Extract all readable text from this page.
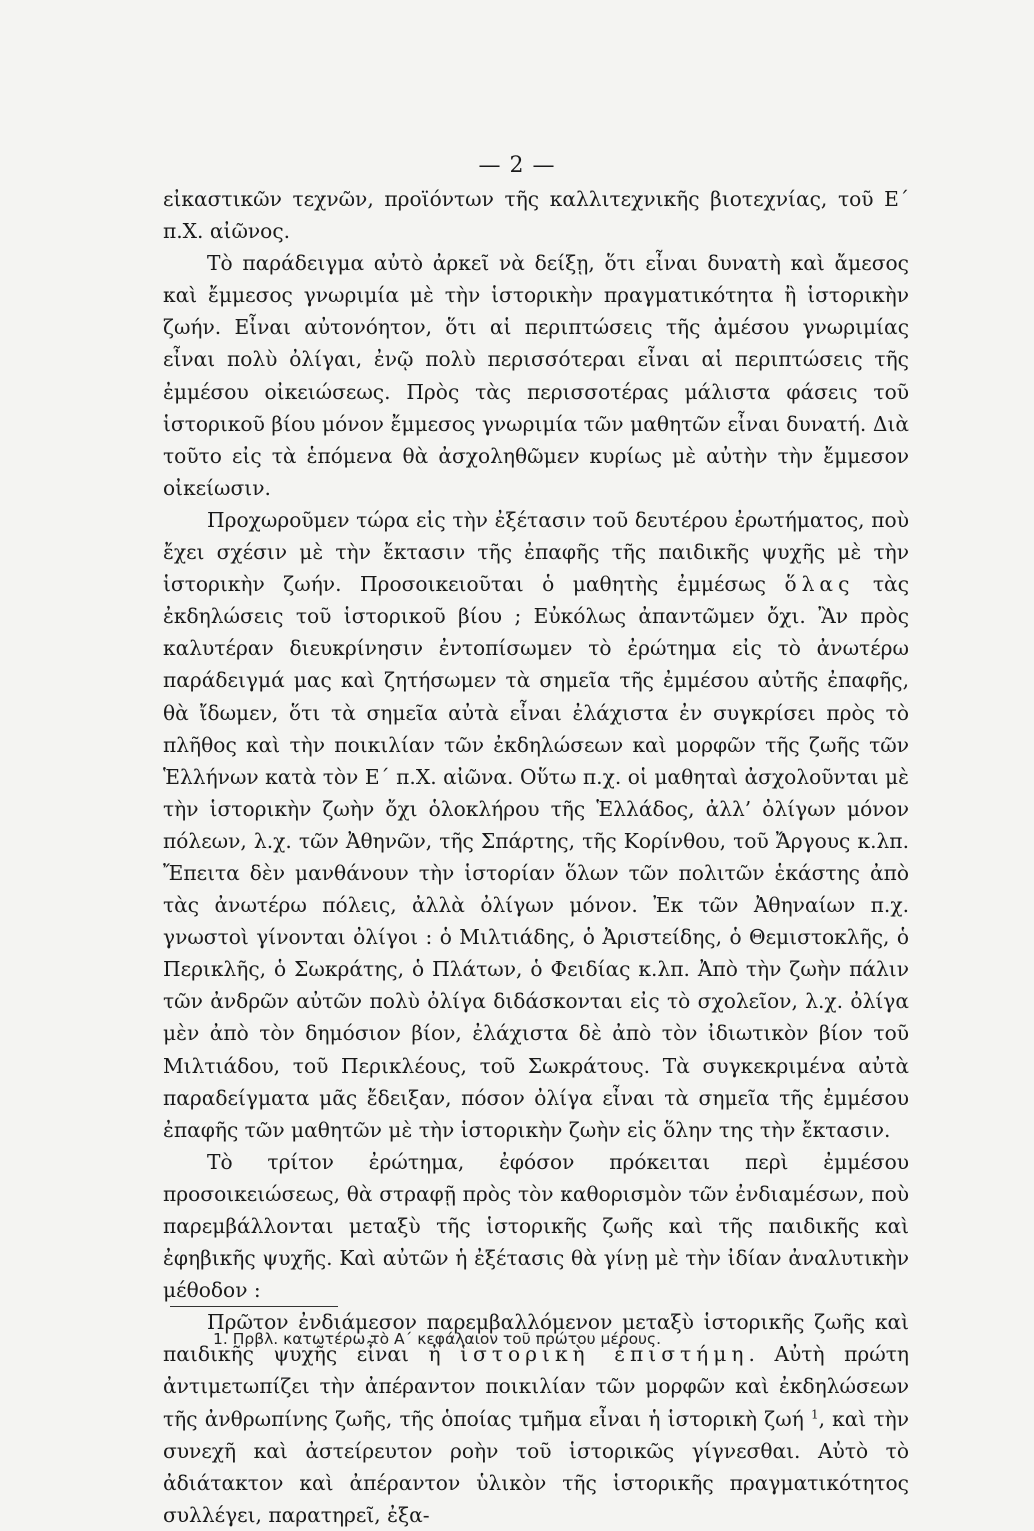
— 2 —

εἰκαστικῶν τεχνῶν, προϊόντων τῆς καλλιτεχνικῆς βιοτεχνίας, τοῦ Ε΄ π.Χ. αἰῶνος.

Τὸ παράδειγμα αὐτὸ ἀρκεῖ νὰ δείξῃ, ὅτι εἶναι δυνατὴ καὶ ἄμεσος καὶ ἔμμεσος γνωριμία μὲ τὴν ἱστορικὴν πραγματικότητα ἢ ἱστορικὴν ζωήν. Εἶναι αὐτονόητον, ὅτι αἱ περιπτώσεις τῆς ἀμέσου γνωριμίας εἶναι πολὺ ὀλίγαι, ἐνῷ πολὺ περισσότεραι εἶναι αἱ περιπτώσεις τῆς ἐμμέσου οἰκειώσεως. Πρὸς τὰς περισσοτέρας μάλιστα φάσεις τοῦ ἱστορικοῦ βίου μόνον ἔμμεσος γνωριμία τῶν μαθητῶν εἶναι δυνατή. Διὰ τοῦτο εἰς τὰ ἑπόμενα θὰ ἀσχοληθῶμεν κυρίως μὲ αὐτὴν τὴν ἔμμεσον οἰκείωσιν.

Προχωροῦμεν τώρα εἰς τὴν ἐξέτασιν τοῦ δευτέρου ἐρωτήματος, ποὺ ἔχει σχέσιν μὲ τὴν ἔκτασιν τῆς ἐπαφῆς τῆς παιδικῆς ψυχῆς μὲ τὴν ἱστορικὴν ζωήν. Προσοικειοῦται ὁ μαθητὴς ἐμμέσως ὅλας τὰς ἐκδηλώσεις τοῦ ἱστορικοῦ βίου ; Εὐκόλως ἀπαντῶμεν ὄχι. Ἂν πρὸς καλυτέραν διευκρίνησιν ἐντοπίσωμεν τὸ ἐρώτημα εἰς τὸ ἀνωτέρω παράδειγμά μας καὶ ζητήσωμεν τὰ σημεῖα τῆς ἐμμέσου αὐτῆς ἐπαφῆς, θὰ ἴδωμεν, ὅτι τὰ σημεῖα αὐτὰ εἶναι ἐλάχιστα ἐν συγκρίσει πρὸς τὸ πλῆθος καὶ τὴν ποικιλίαν τῶν ἐκδηλώσεων καὶ μορφῶν τῆς ζωῆς τῶν Ἑλλήνων κατὰ τὸν Ε΄ π.Χ. αἰῶνα. Οὕτω π.χ. οἱ μαθηταὶ ἀσχολοῦνται μὲ τὴν ἱστορικὴν ζωὴν ὄχι ὁλοκλήρου τῆς Ἑλλάδος, ἀλλ’ ὀλίγων μόνον πόλεων, λ.χ. τῶν Ἀθηνῶν, τῆς Σπάρτης, τῆς Κορίνθου, τοῦ Ἄργους κ.λπ. Ἔπειτα δὲν μανθάνουν τὴν ἱστορίαν ὅλων τῶν πολιτῶν ἑκάστης ἀπὸ τὰς ἀνωτέρω πόλεις, ἀλλὰ ὀλίγων μόνον. Ἐκ τῶν Ἀθηναίων π.χ. γνωστοὶ γίνονται ὀλίγοι : ὁ Μιλτιάδης, ὁ Ἀριστείδης, ὁ Θεμιστοκλῆς, ὁ Περικλῆς, ὁ Σωκράτης, ὁ Πλάτων, ὁ Φειδίας κ.λπ. Ἀπὸ τὴν ζωὴν πάλιν τῶν ἀνδρῶν αὐτῶν πολὺ ὀλίγα διδάσκονται εἰς τὸ σχολεῖον, λ.χ. ὀλίγα μὲν ἀπὸ τὸν δημόσιον βίον, ἐλάχιστα δὲ ἀπὸ τὸν ἰδιωτικὸν βίον τοῦ Μιλτιάδου, τοῦ Περικλέους, τοῦ Σωκράτους. Τὰ συγκεκριμένα αὐτὰ παραδείγματα μᾶς ἔδειξαν, πόσον ὀλίγα εἶναι τὰ σημεῖα τῆς ἐμμέσου ἐπαφῆς τῶν μαθητῶν μὲ τὴν ἱστορικὴν ζωὴν εἰς ὅλην της τὴν ἔκτασιν.

Τὸ τρίτον ἐρώτημα, ἐφόσον πρόκειται περὶ ἐμμέσου προσοικειώσεως, θὰ στραφῇ πρὸς τὸν καθορισμὸν τῶν ἐνδιαμέσων, ποὺ παρεμβάλλονται μεταξὺ τῆς ἱστορικῆς ζωῆς καὶ τῆς παιδικῆς καὶ ἐφηβικῆς ψυχῆς. Καὶ αὐτῶν ἡ ἐξέτασις θὰ γίνῃ μὲ τὴν ἰδίαν ἀναλυτικὴν μέθοδον :

Πρῶτον ἐνδιάμεσον παρεμβαλλόμενον μεταξὺ ἱστορικῆς ζωῆς καὶ παιδικῆς ψυχῆς εἶναι ἡ ἱστορικὴ ἐπιστήμη. Αὐτὴ πρώτη ἀντιμετωπίζει τὴν ἀπέραντον ποικιλίαν τῶν μορφῶν καὶ ἐκδηλώσεων τῆς ἀνθρωπίνης ζωῆς, τῆς ὁποίας τμῆμα εἶναι ἡ ἱστορικὴ ζωή $^1$, καὶ τὴν συνεχῆ καὶ ἀστείρευτον ροὴν τοῦ ἱστορικῶς γίγνεσθαι. Αὐτὸ τὸ ἀδιάτακτον καὶ ἀπέραντον ὑλικὸν τῆς ἱστορικῆς πραγματικότητος συλλέγει, παρατηρεῖ, ἐξα-

1. Πρβλ. κατωτέρω τὸ Α΄ κεφάλαιον τοῦ πρώτου μέρους.
